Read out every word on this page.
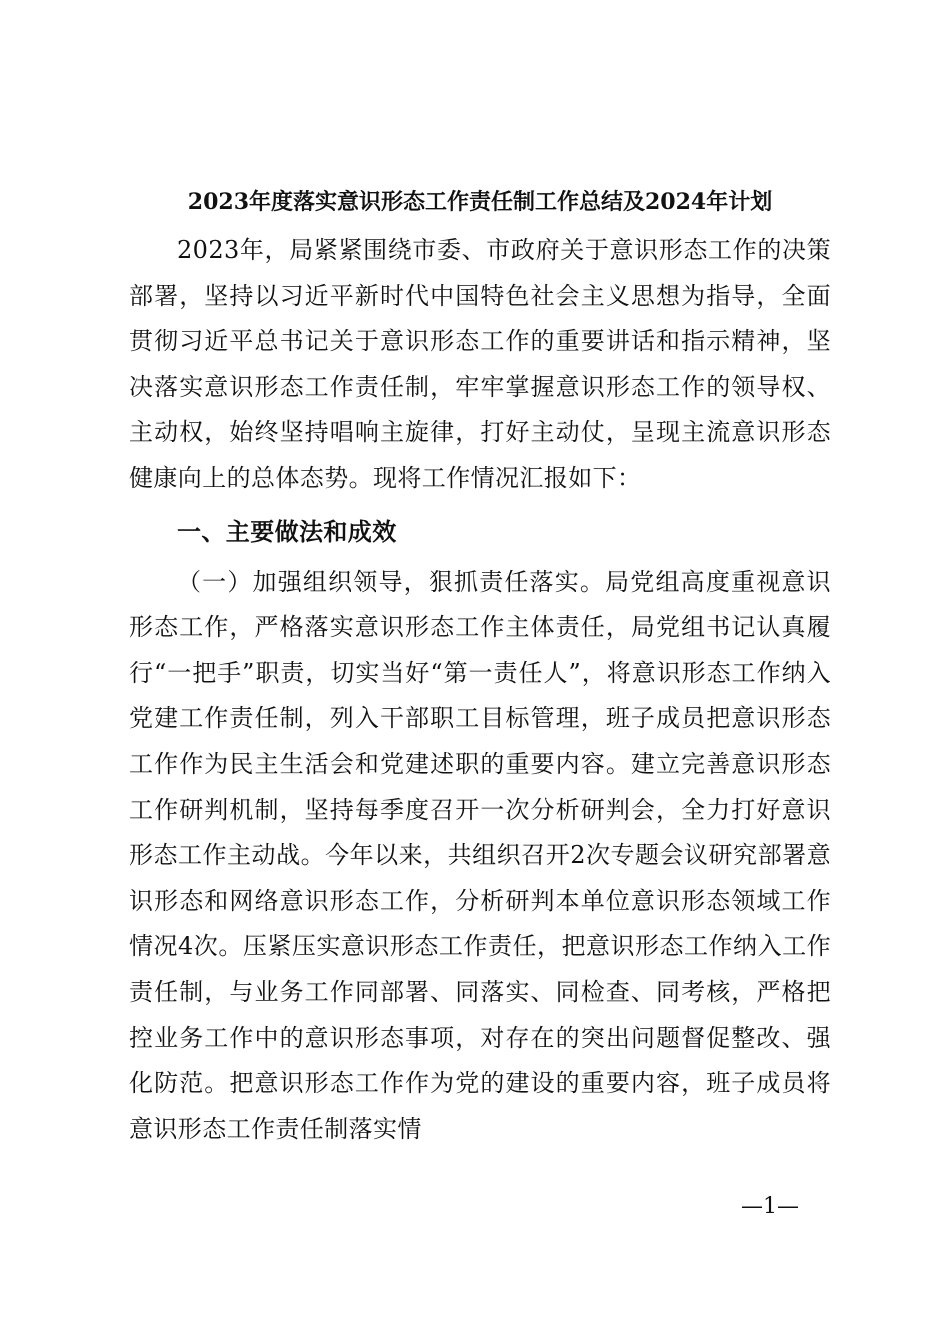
2023年度落实意识形态工作责任制工作总结及2024年计划

2023年，局紧紧围绕市委、市政府关于意识形态工作的决策部署，坚持以习近平新时代中国特色社会主义思想为指导，全面贯彻习近平总书记关于意识形态工作的重要讲话和指示精神，坚决落实意识形态工作责任制，牢牢掌握意识形态工作的领导权、主动权，始终坚持唱响主旋律，打好主动仗，呈现主流意识形态健康向上的总体态势。现将工作情况汇报如下：

一、主要做法和成效

（一）加强组织领导，狠抓责任落实。局党组高度重视意识形态工作，严格落实意识形态工作主体责任，局党组书记认真履行“一把手”职责，切实当好“第一责任人”，将意识形态工作纳入党建工作责任制，列入干部职工目标管理，班子成员把意识形态工作作为民主生活会和党建述职的重要内容。建立完善意识形态工作研判机制，坚持每季度召开一次分析研判会，全力打好意识形态工作主动战。今年以来，共组织召开2次专题会议研究部署意识形态和网络意识形态工作，分析研判本单位意识形态领域工作情况4次。压紧压实意识形态工作责任，把意识形态工作纳入工作责任制，与业务工作同部署、同落实、同检查、同考核，严格把控业务工作中的意识形态事项，对存在的突出问题督促整改、强化防范。把意识形态工作作为党的建设的重要内容，班子成员将意识形态工作责任制落实情

—1—
